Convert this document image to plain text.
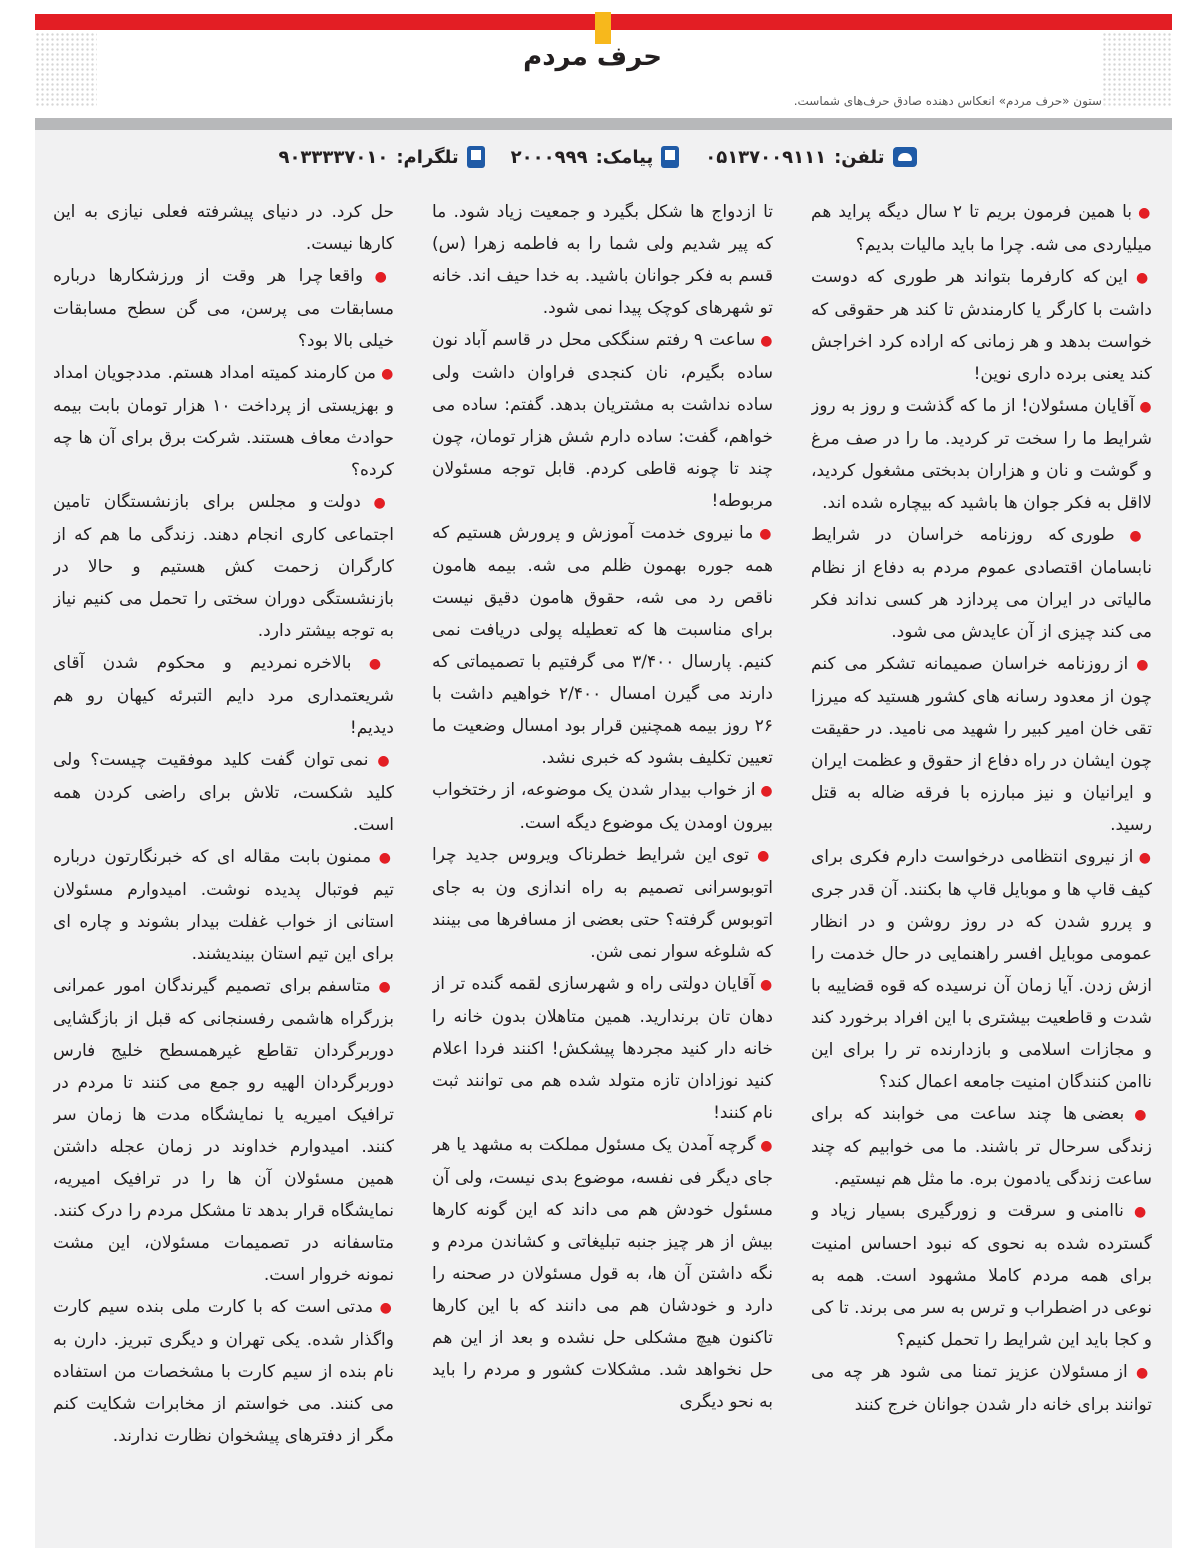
حرف مردم
ستون «حرف مردم» انعکاس دهنده صادق حرف‌های شماست.
تلفن:
۰۵۱۳۷۰۰۹۱۱۱
پیامک:
۲۰۰۰۹۹۹
تلگرام:
۹۰۳۳۳۳۷۰۱۰

● با همین فرمون بریم تا ۲ سال دیگه پراید هم میلیاردی می شه. چرا ما باید مالیات بدیم؟

● این که کارفرما بتواند هر طوری که دوست داشت با کارگر یا کارمندش تا کند هر حقوقی که خواست بدهد و هر زمانی که اراده کرد اخراجش کند یعنی برده داری نوین!

● آقایان مسئولان! از ما که گذشت و روز به روز شرایط ما را سخت تر کردید. ما را در صف مرغ و گوشت و نان و هزاران بدبختی مشغول کردید، لااقل به فکر جوان ها باشید که بیچاره شده اند.

● طوری که روزنامه خراسان در شرایط نابسامان اقتصادی عموم مردم به دفاع از نظام مالیاتی در ایران می پردازد هر کسی نداند فکر می کند چیزی از آن عایدش می شود.

● از روزنامه خراسان صمیمانه تشکر می کنم چون از معدود رسانه های کشور هستید که میرزا تقی خان امیر کبیر را شهید می نامید. در حقیقت چون ایشان در راه دفاع از حقوق و عظمت ایران و ایرانیان و نیز مبارزه با فرقه ضاله به قتل رسید.

● از نیروی انتظامی درخواست دارم فکری برای کیف قاپ ها و موبایل قاپ ها بکنند. آن قدر جری و پررو شدن که در روز روشن و در انظار عمومی موبایل افسر راهنمایی در حال خدمت را ازش زدن. آیا زمان آن نرسیده که قوه قضاییه با شدت و قاطعیت بیشتری با این افراد برخورد کند و مجازات اسلامی و بازدارنده تر را برای این ناامن کنندگان امنیت جامعه اعمال کند؟

● بعضی ها چند ساعت می خوابند که برای زندگی سرحال تر باشند. ما می خوابیم که چند ساعت زندگی یادمون بره. ما مثل هم نیستیم.

● ناامنی و سرقت و زورگیری بسیار زیاد و گسترده شده به نحوی که نبود احساس امنیت برای همه مردم کاملا مشهود است. همه به نوعی در اضطراب و ترس به سر می برند. تا کی و کجا باید این شرایط را تحمل کنیم؟

● از مسئولان عزیز تمنا می شود هر چه می توانند برای خانه دار شدن جوانان خرج کنند

تا ازدواج ها شکل بگیرد و جمعیت زیاد شود. ما که پیر شدیم ولی شما را به فاطمه زهرا (س) قسم به فکر جوانان باشید. به خدا حیف اند. خانه تو شهرهای کوچک پیدا نمی شود.

● ساعت ۹ رفتم سنگکی محل در قاسم آباد نون ساده بگیرم، نان کنجدی فراوان داشت ولی ساده نداشت به مشتریان بدهد. گفتم: ساده می خواهم، گفت: ساده دارم شش هزار تومان، چون چند تا چونه قاطی کردم. قابل توجه مسئولان مربوطه!

● ما نیروی خدمت آموزش و پرورش هستیم که همه جوره بهمون ظلم می شه. بیمه هامون ناقص رد می شه، حقوق هامون دقیق نیست برای مناسبت ها که تعطیله پولی دریافت نمی کنیم. پارسال ۳/۴۰۰ می گرفتیم با تصمیماتی که دارند می گیرن امسال ۲/۴۰۰ خواهیم داشت با ۲۶ روز بیمه همچنین قرار بود امسال وضعیت ما تعیین تکلیف بشود که خبری نشد.

● از خواب بیدار شدن یک موضوعه، از رختخواب بیرون اومدن یک موضوع دیگه است.

● توی این شرایط خطرناک ویروس جدید چرا اتوبوسرانی تصمیم به راه اندازی ون به جای اتوبوس گرفته؟ حتی بعضی از مسافرها می بینند که شلوغه سوار نمی شن.

● آقایان دولتی راه و شهرسازی لقمه گنده تر از دهان تان برندارید. همین متاهلان بدون خانه را خانه دار کنید مجردها پیشکش! اکنند فردا اعلام کنید نوزادان تازه متولد شده هم می توانند ثبت نام کنند!

● گرچه آمدن یک مسئول مملکت به مشهد یا هر جای دیگر فی نفسه، موضوع بدی نیست، ولی آن مسئول خودش هم می داند که این گونه کارها بیش از هر چیز جنبه تبلیغاتی و کشاندن مردم و نگه داشتن آن ها، به قول مسئولان در صحنه را دارد و خودشان هم می دانند که با این کارها تاکنون هیچ مشکلی حل نشده و بعد از این هم حل نخواهد شد. مشکلات کشور و مردم را باید به نحو دیگری

حل کرد. در دنیای پیشرفته فعلی نیازی به این کارها نیست.

● واقعا چرا هر وقت از ورزشکارها درباره مسابقات می پرسن، می گن سطح مسابقات خیلی بالا بود؟

● من کارمند کمیته امداد هستم. مددجویان امداد و بهزیستی از پرداخت ۱۰ هزار تومان بابت بیمه حوادث معاف هستند. شرکت برق برای آن ها چه کرده؟

● دولت و مجلس برای بازنشستگان تامین اجتماعی کاری انجام دهند. زندگی ما هم که از کارگران زحمت کش هستیم و حالا در بازنشستگی دوران سختی را تحمل می کنیم نیاز به توجه بیشتر دارد.

● بالاخره نمردیم و محکوم شدن آقای شریعتمداری مرد دایم التبرئه کیهان رو هم دیدیم!

● نمی توان گفت کلید موفقیت چیست؟ ولی کلید شکست، تلاش برای راضی کردن همه است.

● ممنون بابت مقاله ای که خبرنگارتون درباره تیم فوتبال پدیده نوشت. امیدوارم مسئولان استانی از خواب غفلت بیدار بشوند و چاره ای برای این تیم استان بیندیشند.

● متاسفم برای تصمیم گیرندگان امور عمرانی بزرگراه هاشمی رفسنجانی که قبل از بازگشایی دوربرگردان تقاطع غیرهمسطح خلیج فارس دوربرگردان الهیه رو جمع می کنند تا مردم در ترافیک امیریه یا نمایشگاه مدت ها زمان سر کنند. امیدوارم خداوند در زمان عجله داشتن همین مسئولان آن ها را در ترافیک امیریه، نمایشگاه قرار بدهد تا مشکل مردم را درک کنند. متاسفانه در تصمیمات مسئولان، این مشت نمونه خروار است.

● مدتی است که با کارت ملی بنده سیم کارت واگذار شده. یکی تهران و دیگری تبریز. دارن به نام بنده از سیم کارت با مشخصات من استفاده می کنند. می خواستم از مخابرات شکایت کنم مگر از دفترهای پیشخوان نظارت ندارند.
